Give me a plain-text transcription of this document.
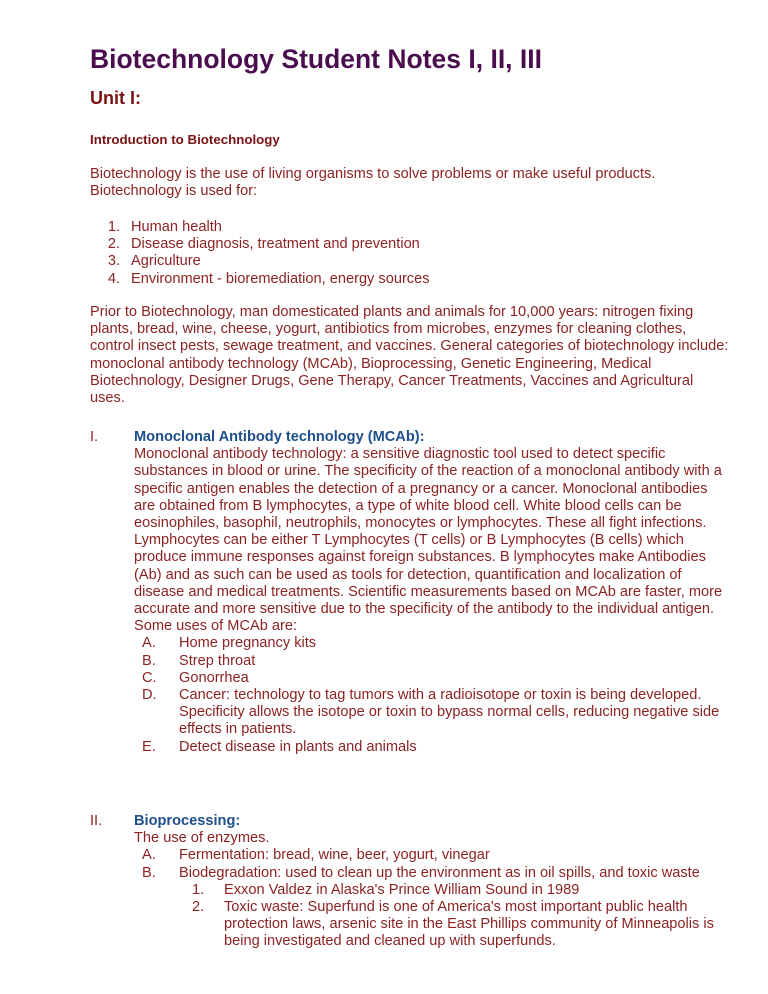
Biotechnology Student Notes I, II, III
Unit I:
Introduction to Biotechnology
Biotechnology is the use of living organisms to solve problems or make useful products. Biotechnology is used for:
1. Human health
2. Disease diagnosis, treatment and prevention
3. Agriculture
4. Environment - bioremediation, energy sources
Prior to Biotechnology, man domesticated plants and animals for 10,000 years: nitrogen fixing plants, bread, wine, cheese, yogurt, antibiotics from microbes, enzymes for cleaning clothes, control insect pests, sewage treatment, and vaccines. General categories of biotechnology include: monoclonal antibody technology (MCAb), Bioprocessing, Genetic Engineering, Medical Biotechnology, Designer Drugs, Gene Therapy, Cancer Treatments, Vaccines and Agricultural uses.
I.	Monoclonal Antibody technology (MCAb):
Monoclonal antibody technology: a sensitive diagnostic tool used to detect specific substances in blood or urine. The specificity of the reaction of a monoclonal antibody with a specific antigen enables the detection of a pregnancy or a cancer. Monoclonal antibodies are obtained from B lymphocytes, a type of white blood cell. White blood cells can be eosinophiles, basophil, neutrophils, monocytes or lymphocytes. These all fight infections. Lymphocytes can be either T Lymphocytes (T cells) or B Lymphocytes (B cells) which produce immune responses against foreign substances. B lymphocytes make Antibodies (Ab) and as such can be used as tools for detection, quantification and localization of disease and medical treatments. Scientific measurements based on MCAb are faster, more accurate and more sensitive due to the specificity of the antibody to the individual antigen. Some uses of MCAb are:
A.	Home pregnancy kits
B.	Strep throat
C.	Gonorrhea
D.	Cancer: technology to tag tumors with a radioisotope or toxin is being developed. Specificity allows the isotope or toxin to bypass normal cells, reducing negative side effects in patients.
E.	Detect disease in plants and animals
II.	Bioprocessing:
The use of enzymes.
A.	Fermentation: bread, wine, beer, yogurt, vinegar
B.	Biodegradation: used to clean up the environment as in oil spills, and toxic waste
1.	Exxon Valdez in Alaska's Prince William Sound in 1989
2.	Toxic waste: Superfund is one of America's most important public health protection laws, arsenic site in the East Phillips community of Minneapolis is being investigated and cleaned up with superfunds.
